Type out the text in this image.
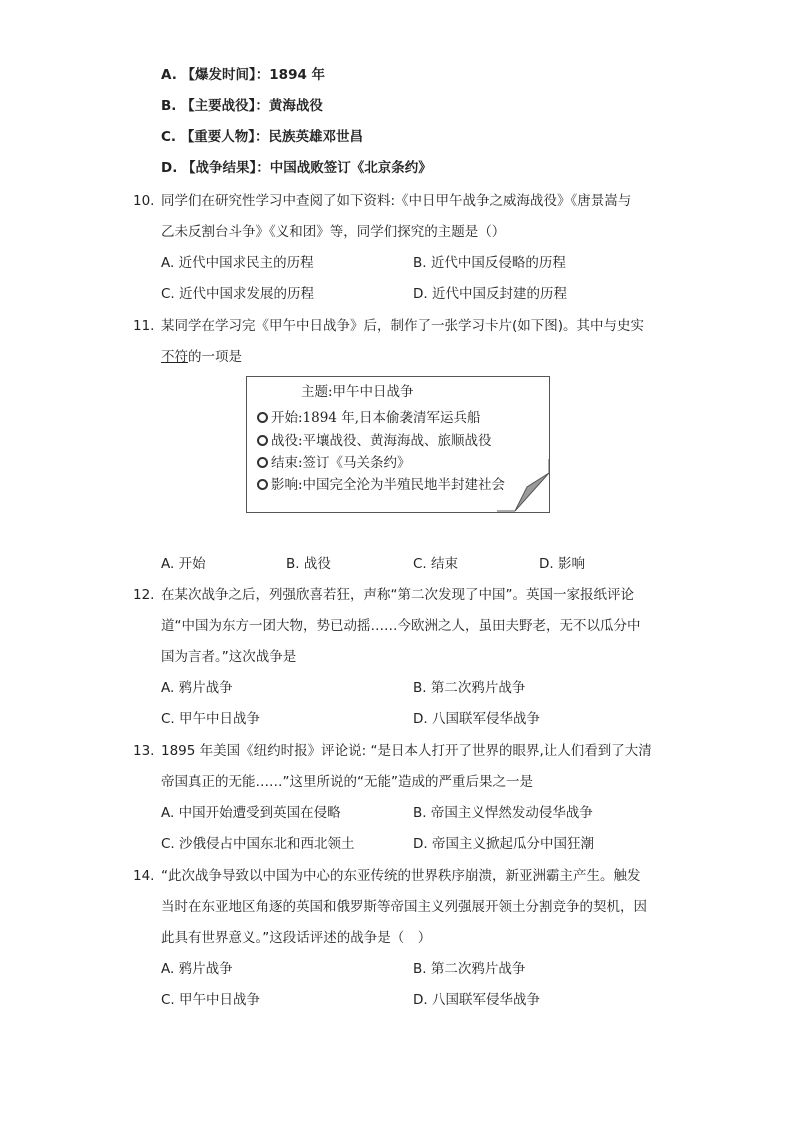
A. 【爆发时间】：1894 年
B. 【主要战役】：黄海战役
C. 【重要人物】：民族英雄邓世昌
D. 【战争结果】：中国战败签订《北京条约》
10. 同学们在研究性学习中查阅了如下资料:《中日甲午战争之威海战役》《唐景嵩与
乙未反割台斗争》《义和团》等，同学们探究的主题是（）
A. 近代中国求民主的历程	B. 近代中国反侵略的历程
C. 近代中国求发展的历程	D. 近代中国反封建的历程
11. 某同学在学习完《甲午中日战争》后，制作了一张学习卡片(如下图)。其中与史实
不符的一项是
主题:甲午中日战争
开始:1894 年,日本偷袭清军运兵船
战役:平壤战役、黄海海战、旅顺战役
结束:签订《马关条约》
影响:中国完全沦为半殖民地半封建社会
A. 开始	B. 战役	C. 结束	D. 影响
12. 在某次战争之后，列强欣喜若狂，声称“第二次发现了中国”。英国一家报纸评论
道“中国为东方一团大物，势已动摇……今欧洲之人，虽田夫野老，无不以瓜分中
国为言者。”这次战争是
A. 鸦片战争	B. 第二次鸦片战争
C. 甲午中日战争	D. 八国联军侵华战争
13. 1895 年美国《纽约时报》评论说: “是日本人打开了世界的眼界,让人们看到了大清
帝国真正的无能……”这里所说的“无能”造成的严重后果之一是
A. 中国开始遭受到英国在侵略	B. 帝国主义悍然发动侵华战争
C. 沙俄侵占中国东北和西北领土	D. 帝国主义掀起瓜分中国狂潮
14. “此次战争导致以中国为中心的东亚传统的世界秩序崩溃，新亚洲霸主产生。触发
当时在东亚地区角逐的英国和俄罗斯等帝国主义列强展开领土分割竞争的契机，因
此具有世界意义。”这段话评述的战争是（　）
A. 鸦片战争	B. 第二次鸦片战争
C. 甲午中日战争	D. 八国联军侵华战争
